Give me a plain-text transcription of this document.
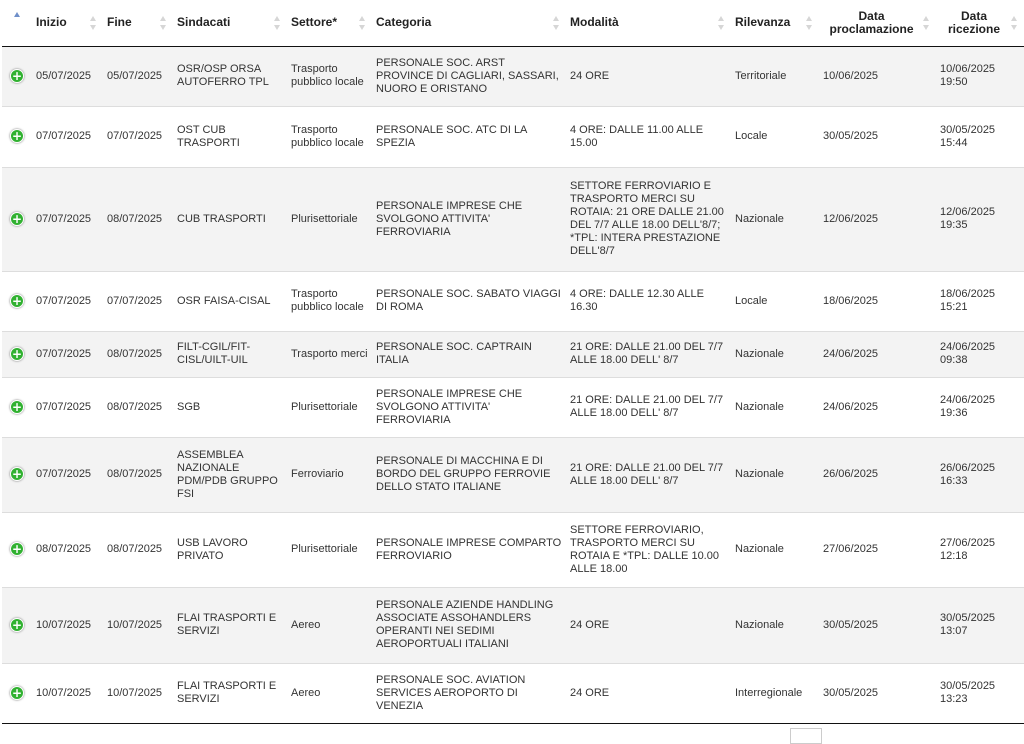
	Inizio	Fine	Sindacati	Settore*	Categoria	Modalità	Rilevanza	Data proclamazione	Data ricezione

+	05/07/2025	05/07/2025	OSR/OSP ORSA AUTOFERRO TPL	Trasporto pubblico locale	PERSONALE SOC. ARST PROVINCE DI CAGLIARI, SASSARI, NUORO E ORISTANO	24 ORE	Territoriale	10/06/2025	10/06/2025 19:50
+	07/07/2025	07/07/2025	OST CUB TRASPORTI	Trasporto pubblico locale	PERSONALE SOC. ATC DI LA SPEZIA	4 ORE: DALLE 11.00 ALLE 15.00	Locale	30/05/2025	30/05/2025 15:44
+	07/07/2025	08/07/2025	CUB TRASPORTI	Plurisettoriale	PERSONALE IMPRESE CHE SVOLGONO ATTIVITA' FERROVIARIA	SETTORE FERROVIARIO E TRASPORTO MERCI SU ROTAIA: 21 ORE DALLE 21.00 DEL 7/7 ALLE 18.00 DELL'8/7; *TPL: INTERA PRESTAZIONE DELL'8/7	Nazionale	12/06/2025	12/06/2025 19:35
+	07/07/2025	07/07/2025	OSR FAISA-CISAL	Trasporto pubblico locale	PERSONALE SOC. SABATO VIAGGI DI ROMA	4 ORE: DALLE 12.30 ALLE 16.30	Locale	18/06/2025	18/06/2025 15:21
+	07/07/2025	08/07/2025	FILT-CGIL/FIT-CISL/UILT-UIL	Trasporto merci	PERSONALE SOC. CAPTRAIN ITALIA	21 ORE: DALLE 21.00 DEL 7/7 ALLE 18.00 DELL' 8/7	Nazionale	24/06/2025	24/06/2025 09:38
+	07/07/2025	08/07/2025	SGB	Plurisettoriale	PERSONALE IMPRESE CHE SVOLGONO ATTIVITA' FERROVIARIA	21 ORE: DALLE 21.00 DEL 7/7 ALLE 18.00 DELL' 8/7	Nazionale	24/06/2025	24/06/2025 19:36
+	07/07/2025	08/07/2025	ASSEMBLEA NAZIONALE PDM/PDB GRUPPO FSI	Ferroviario	PERSONALE DI MACCHINA E DI BORDO DEL GRUPPO FERROVIE DELLO STATO ITALIANE	21 ORE: DALLE 21.00 DEL 7/7 ALLE 18.00 DELL' 8/7	Nazionale	26/06/2025	26/06/2025 16:33
+	08/07/2025	08/07/2025	USB LAVORO PRIVATO	Plurisettoriale	PERSONALE IMPRESE COMPARTO FERROVIARIO	SETTORE FERROVIARIO, TRASPORTO MERCI SU ROTAIA E *TPL: DALLE 10.00 ALLE 18.00	Nazionale	27/06/2025	27/06/2025 12:18
+	10/07/2025	10/07/2025	FLAI TRASPORTI E SERVIZI	Aereo	PERSONALE AZIENDE HANDLING ASSOCIATE ASSOHANDLERS OPERANTI NEI SEDIMI AEROPORTUALI ITALIANI	24 ORE	Nazionale	30/05/2025	30/05/2025 13:07
+	10/07/2025	10/07/2025	FLAI TRASPORTI E SERVIZI	Aereo	PERSONALE SOC. AVIATION SERVICES AEROPORTO DI VENEZIA	24 ORE	Interregionale	30/05/2025	30/05/2025 13:23
